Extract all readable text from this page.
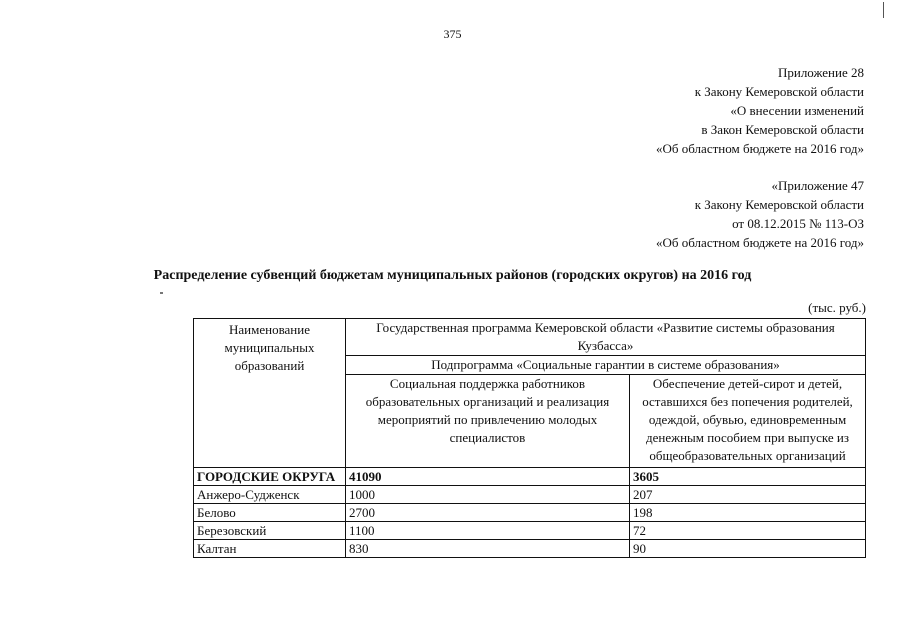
375
Приложение 28
к Закону Кемеровской области
«О внесении изменений
в Закон Кемеровской области
«Об областном бюджете на 2016 год»
«Приложение 47
к Закону Кемеровской области
от 08.12.2015 № 113-ОЗ
«Об областном бюджете на 2016 год»
Распределение субвенций бюджетам муниципальных районов (городских округов) на 2016 год
(тыс. руб.)
Наименование муниципальных образований	Государственная программа Кемеровской области «Развитие системы образования Кузбасса»	
	Подпрограмма «Социальные гарантии в системе образования»	
	Социальная поддержка работников образовательных организаций и реализация мероприятий по привлечению молодых специалистов	Обеспечение детей-сирот и детей, оставшихся без попечения родителей, одеждой, обувью, единовременным денежным пособием при выпуске из общеобразовательных организаций
ГОРОДСКИЕ ОКРУГА	41090	3605
Анжеро-Судженск	1000	207
Белово	2700	198
Березовский	1100	72
Калтан	830	90
